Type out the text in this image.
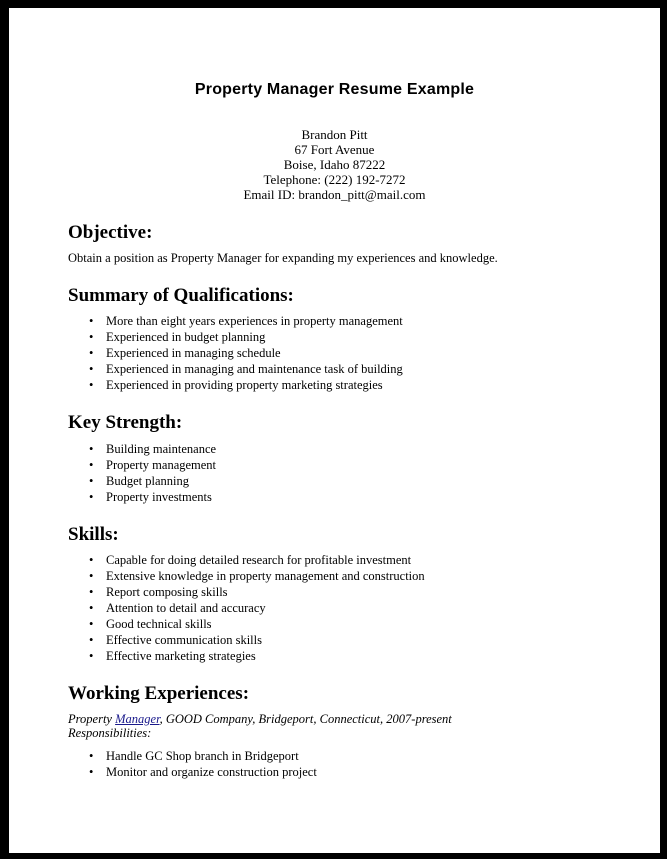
Property Manager Resume Example
Brandon Pitt
67 Fort Avenue
Boise, Idaho 87222
Telephone: (222) 192-7272
Email ID: brandon_pitt@mail.com
Objective:

Obtain a position as Property Manager for expanding my experiences and knowledge.

Summary of Qualifications:
• More than eight years experiences in property management
• Experienced in budget planning
• Experienced in managing schedule
• Experienced in managing and maintenance task of building
• Experienced in providing property marketing strategies
Key Strength:
• Building maintenance
• Property management
• Budget planning
• Property investments
Skills:
• Capable for doing detailed research for profitable investment
• Extensive knowledge in property management and construction
• Report composing skills
• Attention to detail and accuracy
• Good technical skills
• Effective communication skills
• Effective marketing strategies
Working Experiences:

Property Manager, GOOD Company, Bridgeport, Connecticut, 2007-present

Responsibilities:

• Handle GC Shop branch in Bridgeport
• Monitor and organize construction project
